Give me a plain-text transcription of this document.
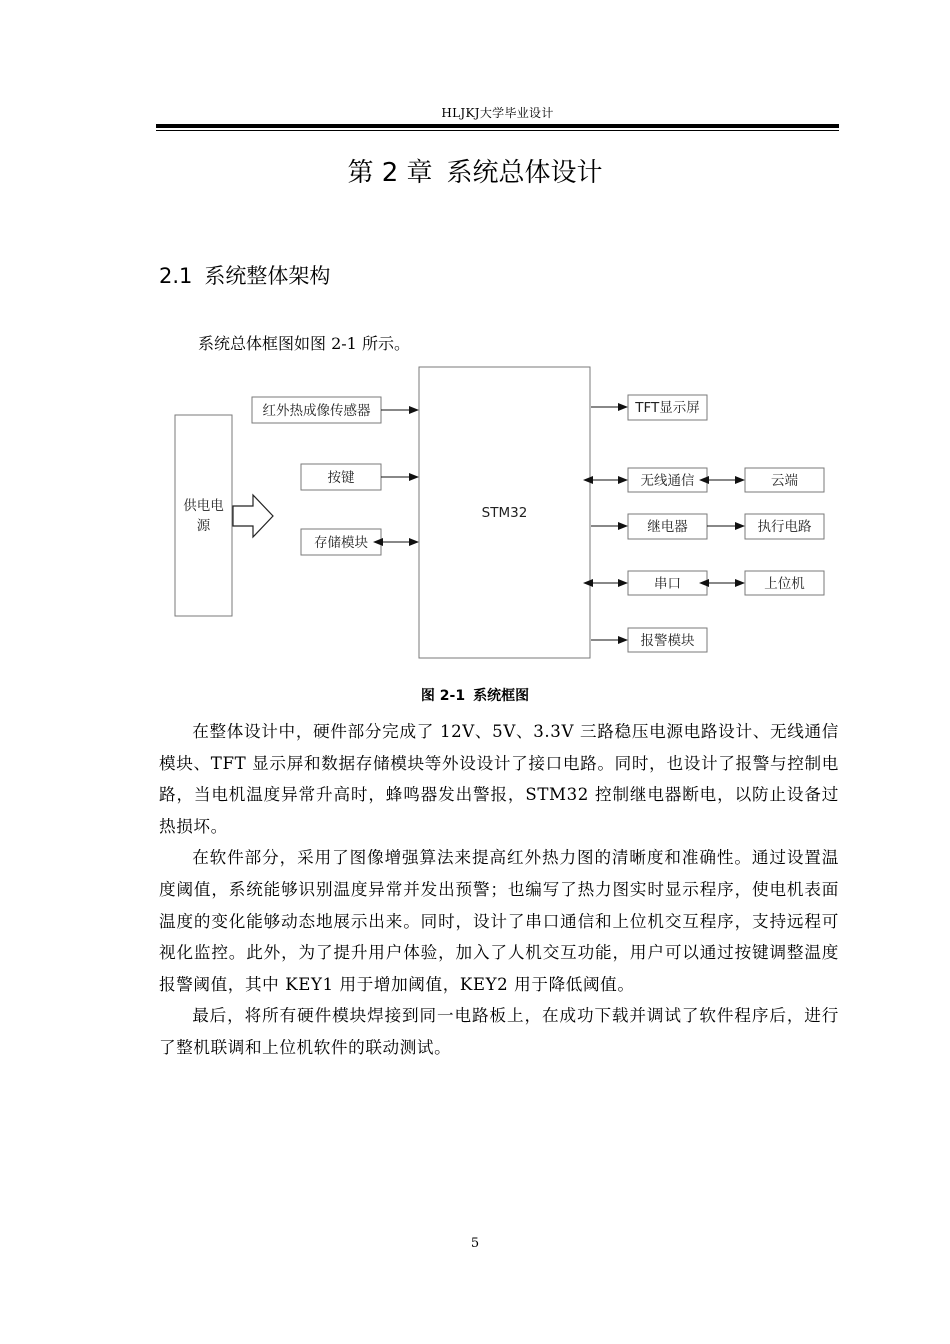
HLJKJ大学毕业设计
第 2 章 系统总体设计
2.1 系统整体架构
系统总体框图如图 2-1 所示。
供电电
源
红外热成像传感器
按键
存储模块
STM32
TFT显示屏
无线通信	云端
继电器	执行电路
串口	上位机
报警模块
图 2-1 系统框图

在整体设计中，硬件部分完成了 12V、5V、3.3V 三路稳压电源电路设计、无线通信模块、TFT 显示屏和数据存储模块等外设设计了接口电路。同时，也设计了报警与控制电路，当电机温度异常升高时，蜂鸣器发出警报，STM32 控制继电器断电，以防止设备过热损坏。

在软件部分，采用了图像增强算法来提高红外热力图的清晰度和准确性。通过设置温度阈值，系统能够识别温度异常并发出预警；也编写了热力图实时显示程序，使电机表面温度的变化能够动态地展示出来。同时，设计了串口通信和上位机交互程序，支持远程可视化监控。此外，为了提升用户体验，加入了人机交互功能，用户可以通过按键调整温度报警阈值，其中 KEY1 用于增加阈值，KEY2 用于降低阈值。

最后，将所有硬件模块焊接到同一电路板上，在成功下载并调试了软件程序后，进行了整机联调和上位机软件的联动测试。

5
